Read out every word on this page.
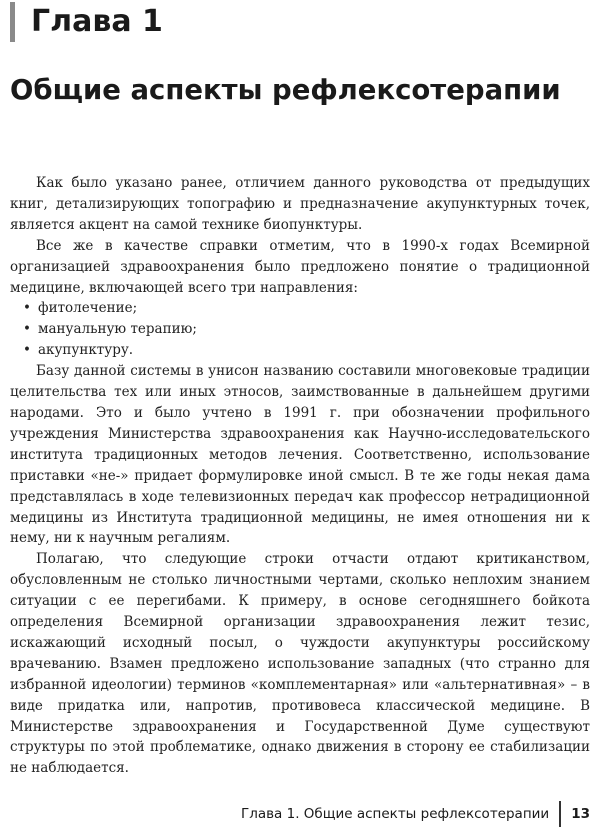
Глава 1
Общие аспекты рефлексотерапии

Как было указано ранее, отличием данного руководства от предыдущих книг, детализирующих топографию и предназначение акупунктурных точек, является акцент на самой технике биопунктуры.

Все же в качестве справки отметим, что в 1990-х годах Всемирной организацией здравоохранения было предложено понятие о традиционной медицине, включающей всего три направления:

• фитолечение;
• мануальную терапию;
• акупунктуру.

Базу данной системы в унисон названию составили многовековые традиции целительства тех или иных этносов, заимствованные в дальнейшем другими народами. Это и было учтено в 1991 г. при обозначении профильного учреждения Министерства здравоохранения как Научно-исследовательского института традиционных методов лечения. Соответственно, использование приставки «не-» придает формулировке иной смысл. В те же годы некая дама представлялась в ходе телевизионных передач как профессор нетрадиционной медицины из Института традиционной медицины, не имея отношения ни к нему, ни к научным регалиям.

Полагаю, что следующие строки отчасти отдают критиканством, обусловленным не столько личностными чертами, сколько неплохим знанием ситуации с ее перегибами. К примеру, в основе сегодняшнего бойкота определения Всемирной организации здравоохранения лежит тезис, искажающий исходный посыл, о чуждости акупунктуры российскому врачеванию. Взамен предложено использование западных (что странно для избранной идеологии) терминов «комплементарная» или «альтернативная» – в виде придатка или, напротив, противовеса классической медицине. В Министерстве здравоохранения и Государственной Думе существуют структуры по этой проблематике, однако движения в сторону ее стабилизации не наблюдается.

Глава 1. Общие аспекты рефлексотерапии 13
